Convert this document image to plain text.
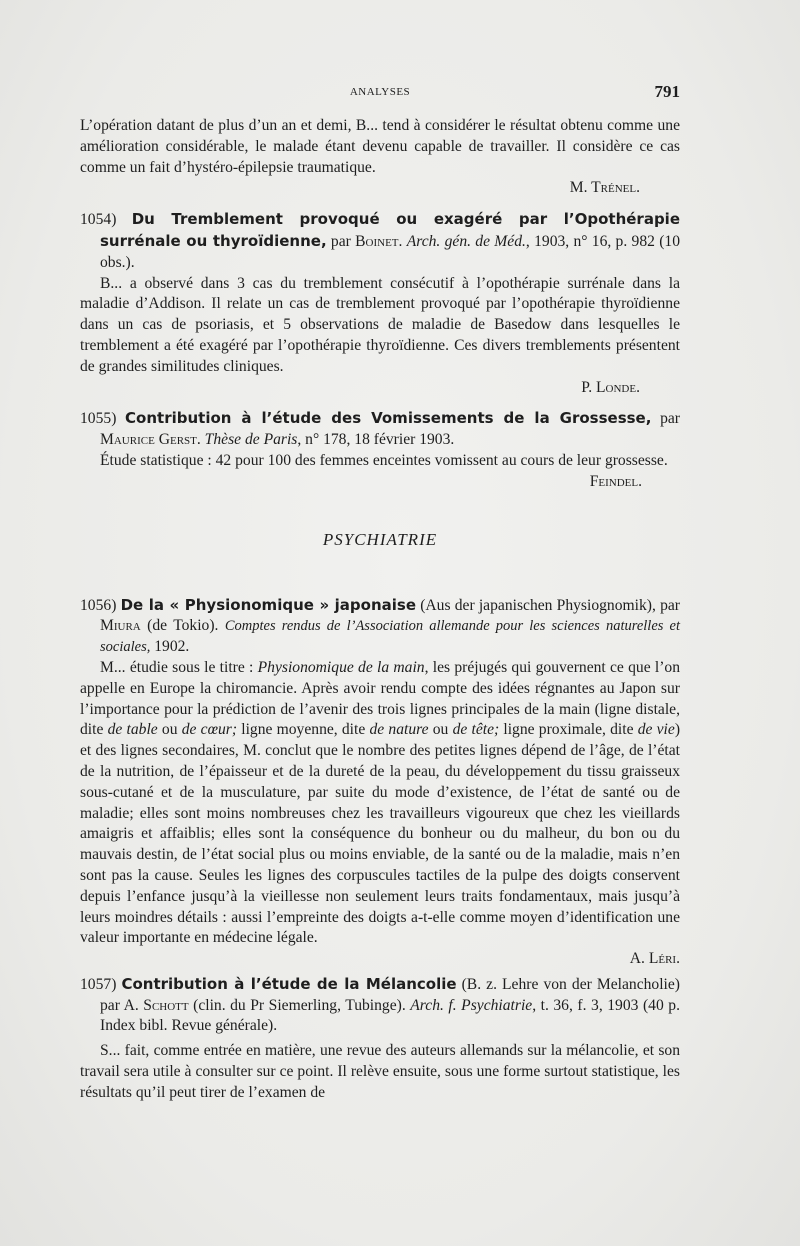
ANALYSES	791

L’opération datant de plus d’un an et demi, B... tend à considérer le résultat obtenu comme une amélioration considérable, le malade étant devenu capable de travailler. Il considère ce cas comme un fait d’hystéro-épilepsie traumatique.

M. Trénel.

1054) Du Tremblement provoqué ou exagéré par l’Opothérapie surrénale ou thyroïdienne, par Boinet. Arch. gén. de Méd., 1903, n° 16, p. 982 (10 obs.).

B... a observé dans 3 cas du tremblement consécutif à l’opothérapie surrénale dans la maladie d’Addison. Il relate un cas de tremblement provoqué par l’opothérapie thyroïdienne dans un cas de psoriasis, et 5 observations de maladie de Basedow dans lesquelles le tremblement a été exagéré par l’opothérapie thyroïdienne. Ces divers tremblements présentent de grandes similitudes cliniques.

P. Londe.

1055) Contribution à l’étude des Vomissements de la Grossesse, par Maurice Gerst. Thèse de Paris, n° 178, 18 février 1903.

Étude statistique : 42 pour 100 des femmes enceintes vomissent au cours de leur grossesse.
Feindel.

PSYCHIATRIE

1056) De la « Physionomique » japonaise (Aus der japanischen Physiognomik), par Miura (de Tokio). Comptes rendus de l’Association allemande pour les sciences naturelles et sociales, 1902.

M... étudie sous le titre : Physionomique de la main, les préjugés qui gouvernent ce que l’on appelle en Europe la chiromancie. Après avoir rendu compte des idées régnantes au Japon sur l’importance pour la prédiction de l’avenir des trois lignes principales de la main (ligne distale, dite de table ou de cœur; ligne moyenne, dite de nature ou de tête; ligne proximale, dite de vie) et des lignes secondaires, M. conclut que le nombre des petites lignes dépend de l’âge, de l’état de la nutrition, de l’épaisseur et de la dureté de la peau, du développement du tissu graisseux sous-cutané et de la musculature, par suite du mode d’existence, de l’état de santé ou de maladie; elles sont moins nombreuses chez les travailleurs vigoureux que chez les vieillards amaigris et affaiblis; elles sont la conséquence du bonheur ou du malheur, du bon ou du mauvais destin, de l’état social plus ou moins enviable, de la santé ou de la maladie, mais n’en sont pas la cause. Seules les lignes des corpuscules tactiles de la pulpe des doigts conservent depuis l’enfance jusqu’à la vieillesse non seulement leurs traits fondamentaux, mais jusqu’à leurs moindres détails : aussi l’empreinte des doigts a-t-elle comme moyen d’identification une valeur importante en médecine légale.

A. Léri.

1057) Contribution à l’étude de la Mélancolie (B. z. Lehre von der Melancholie) par A. Schott (clin. du Pr Siemerling, Tubinge). Arch. f. Psychiatrie, t. 36, f. 3, 1903 (40 p. Index bibl. Revue générale).

S... fait, comme entrée en matière, une revue des auteurs allemands sur la mélancolie, et son travail sera utile à consulter sur ce point. Il relève ensuite, sous une forme surtout statistique, les résultats qu’il peut tirer de l’examen de
